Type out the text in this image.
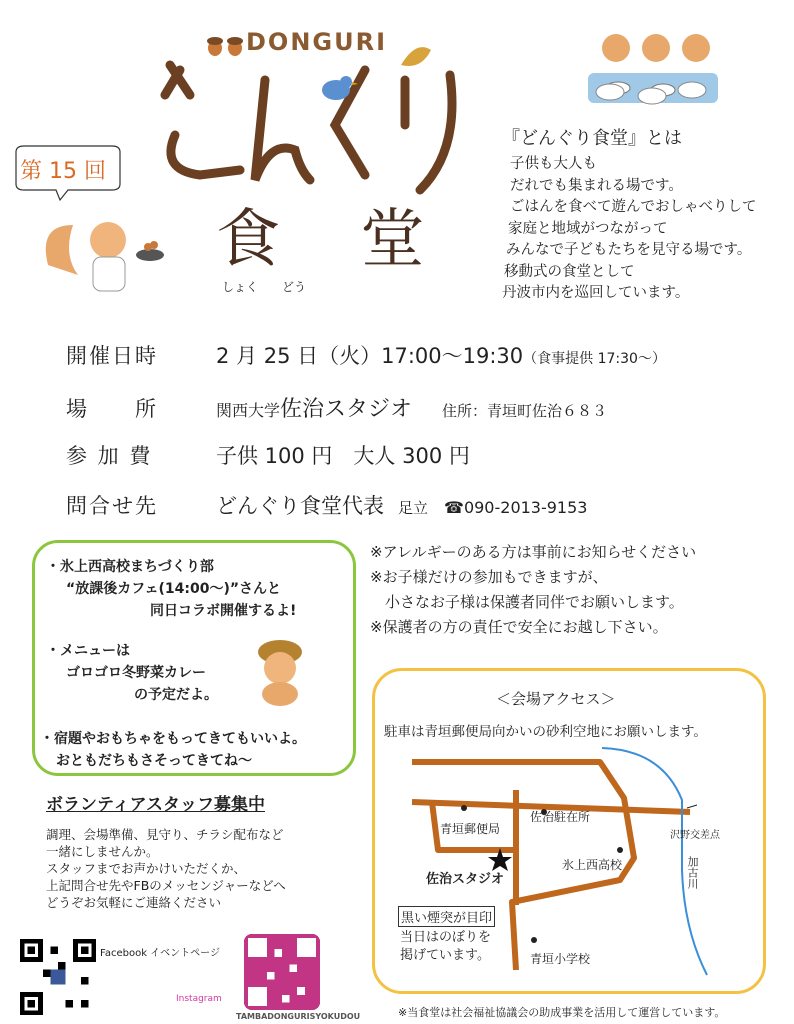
DONGURI
食 堂
しょく　　どう
第 15 回
『どんぐり食堂』とは
子供も大人も
だれでも集まれる場です。
ごはんを食べて遊んでおしゃべりして
家庭と地域がつながって
みんなで子どもたちを見守る場です。
移動式の食堂として
丹波市内を巡回しています。
開催日時	2 月 25 日（火）17:00〜19:30 （食事提供 17:30〜）
場　　所	関西大学 佐治スタジオ 住所：青垣町佐治６８３
参 加 費	子供 100 円　大人 300 円
問合せ先	どんぐり食堂代表 足立 ☎090-2013-9153
・氷上西高校まちづくり部
“放課後カフェ(14:00〜)”さんと
同日コラボ開催するよ!
・メニューは
ゴロゴロ冬野菜カレー
の予定だよ。
・宿題やおもちゃをもってきてもいいよ。
おともだちもさそってきてね〜
※アレルギーのある方は事前にお知らせください
※お子様だけの参加もできますが、
　小さなお子様は保護者同伴でお願いします。
※保護者の方の責任で安全にお越し下さい。
ボランティアスタッフ募集中
調理、会場準備、見守り、チラシ配布など
一緒にしませんか。
スタッフまでお声かけいただくか、
上記問合せ先やFBのメッセンジャーなどへ
どうぞお気軽にご連絡ください
Facebook イベントページ
Instagram
TAMBADONGURISYOKUDOU
＜会場アクセス＞
駐車は青垣郵便局向かいの砂利空地にお願いします。
青垣郵便局
佐治駐在所
沢野交差点
加古川
氷上西高校
佐治スタジオ
黒い煙突が目印
当日はのぼりを
掲げています。	青垣小学校
※当食堂は社会福祉協議会の助成事業を活用して運営しています。
